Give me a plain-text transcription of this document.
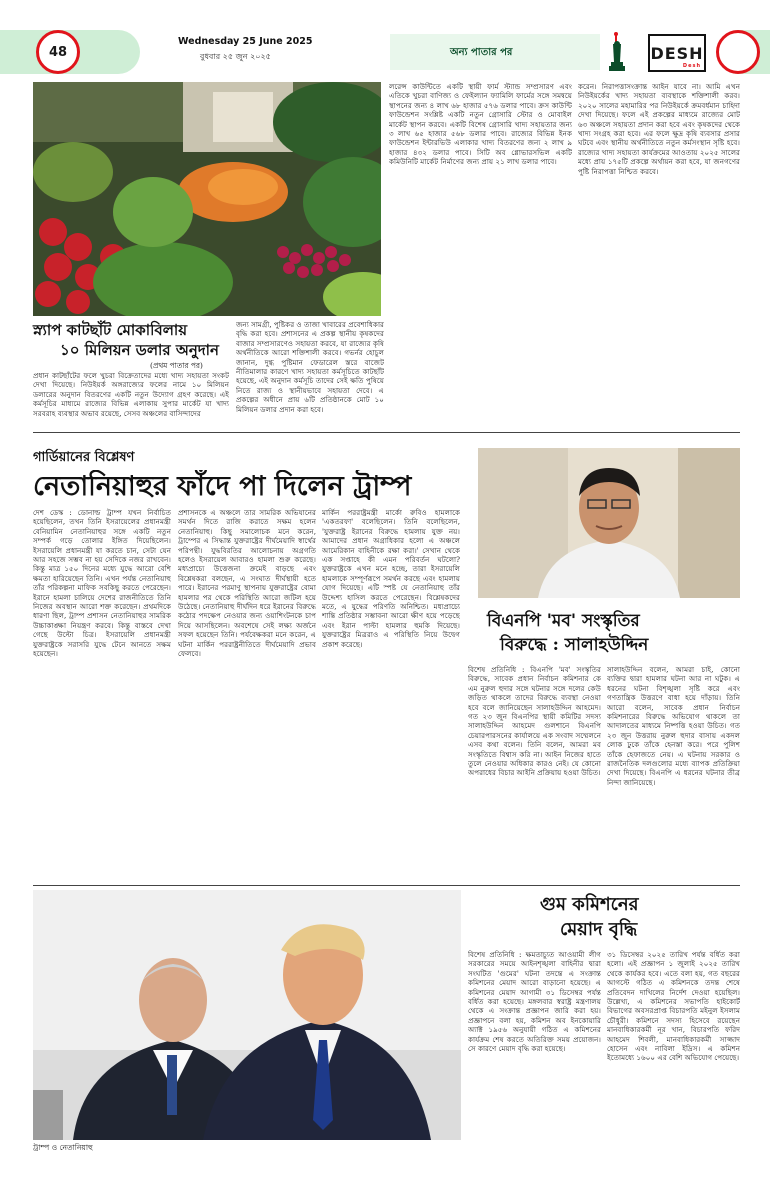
48
Wednesday 25 June 2025
বুধবার ২৫ জুন ২০২৫	অন্য পাতার পর	DESH
Desh
স্ন্যাপ কাটছাঁট মোকাবিলায়
১০ মিলিয়ন ডলার অনুদান
(প্রথম পাতার পর)
প্রধান কাটছাঁটের ফলে খুচরা বিক্রেতাদের মধ্যে খাদ্য সহায়তা সংকট দেখা দিয়েছে। নিউইয়র্ক অঙ্গরাজ্যের ফলের নামে ১০ মিলিয়ন ডলারের অনুদান বিতরণের একটি নতুন উদ্যোগ গ্রহণ করেছে। এই কর্মসূচির মাধ্যমে রাজ্যের বিভিন্ন এলাকায় সুপার মার্কেট যা খাদ্য সরবরাহ ব্যবস্থার অভাব রয়েছে, সেসব অঞ্চলের বাসিন্দাদের
জন্য সামগ্রী, পুষ্টিকর ও তাজা খাবারের প্রবেশাধিকার বৃদ্ধি করা হবে। প্রশাসনের এ প্রকল্প স্থানীয় কৃষকদের বাজার সম্প্রসারণেও সহায়তা করবে, যা রাজ্যের কৃষি অর্থনীতিকে আরো শক্তিশালী করবে। গভর্নর হোচুল জানান, দুগ্ধ পুষ্টিমান ফেডারেল স্তরে বাজেট নীতিমালার কারণে খাদ্য সহায়তা কর্মসূচিতে কাটছাঁট হয়েছে, এই অনুদান কর্মসূচি তাদের সেই ক্ষতি পুষিয়ে নিতে রাজ্য ও স্থানীয়ভাবে সহায়তা দেবে। এ প্রকল্পের অধীনে প্রায় ৬টি প্রতিষ্ঠানকে মোট ১০ মিলিয়ন ডলার প্রদান করা হবে।
লরেন্স কাউন্টিতে একটি স্থায়ী ফার্ম স্ট্যান্ড সম্প্রসারণ এবং এতিকে খুচরা বাণিজ্য ও ফেইল্যান ফ্যামিলি ফার্মের সঙ্গে সমন্বয়ে স্থাপনের জন্য ৪ লাখ ৬৮ হাজার ৫৭৬ ডলার পাবে। ক্রস কাউন্টি ফাউন্ডেশন সংশ্লিষ্ট একটি নতুন গ্রোসারি স্টোর ও মোবাইল মার্কেট স্থাপন করবে। একটি বিশেষ গ্রোসারি খাদ্য সহায়তার জন্য ৩ লাখ ৬৫ হাজার ৫৬৮ ডলার পাবে। রাজ্যের বিভিন্ন ইনক ফাউন্ডেশন ইন্টারভিউ এলাকার খাদ্য বিতরণের জন্য ২ লাখ ৯ হাজার ৪৩২ ডলার পাবে। সিটি অব গ্লোভারসভিল একটি কমিউনিটি মার্কেট নির্মাণের জন্য প্রায় ২১ লাখ ডলার পাবে।
করেন। নিরাপত্তাসংক্রান্ত আইন যাবে না। আমি এখন নিউইয়র্কের খাদ্য সহায়তা ব্যবস্থাকে শক্তিশালী করব। ২০২০ সালের মহামারির পর নিউইয়র্কে ক্রমবর্ধমান চাহিদা দেখা দিয়েছে। ফলে এই প্রকল্পের মাধ্যমে রাজ্যের মোট ৬৩ অঞ্চলে সহায়তা প্রদান করা হবে এবং কৃষকদের থেকে খাদ্য সংগ্রহ করা হবে। এর ফলে ক্ষুদ্র কৃষি ব্যবসার প্রসার ঘটবে এবং স্থানীয় অর্থনীতিতে নতুন কর্মসংস্থান সৃষ্টি হবে। রাজ্যের খাদ্য সহায়তা কার্যক্রমের আওতায় ২০২৫ সালের মধ্যে প্রায় ১৭৫টি প্রকল্পে অর্থায়ন করা হবে, যা জনগণের পুষ্টি নিরাপত্তা নিশ্চিত করবে।
গার্ডিয়ানের বিশ্লেষণ
নেতানিয়াহুর ফাঁদে পা দিলেন ট্রাম্প
দেশ ডেস্ক : ডোনাল্ড ট্রাম্প যখন নির্বাচিত হয়েছিলেন, তখন তিনি ইসরায়েলের প্রধানমন্ত্রী বেনিয়ামিন নেতানিয়াহুর সঙ্গে একটি নতুন সম্পর্ক গড়ে তোলার ইঙ্গিত দিয়েছিলেন। ইসরায়েলি প্রধানমন্ত্রী যা করতে চান, সেটা যেন আর সহজে সম্ভব না হয় সেদিকে নজর রাখবেন। কিন্তু মাত্র ১৫০ দিনের মধ্যে যুদ্ধে আরো বেশি ক্ষমতা হারিয়েছেন তিনি। এখন পর্যন্ত নেতানিয়াহু তাঁর পরিকল্পনা মাফিক সবকিছু করতে পেরেছেন। ইরানে হামলা চালিয়ে দেশের রাজনীতিতে তিনি নিজের অবস্থান আরো শক্ত করেছেন। প্রথমদিকে ধারণা ছিল, ট্রাম্প প্রশাসন নেতানিয়াহুর সামরিক উচ্চাকাঙ্ক্ষা নিয়ন্ত্রণ করবে। কিন্তু বাস্তবে দেখা গেছে উল্টো চিত্র। ইসরায়েলি প্রধানমন্ত্রী যুক্তরাষ্ট্রকে সরাসরি যুদ্ধে টেনে আনতে সক্ষম হয়েছেন।
প্রশাসনকে এ অঞ্চলে তার সামরিক অভিযানের সমর্থন দিতে রাজি করাতে সক্ষম হলেন নেতানিয়াহু। কিছু সমালোচক মনে করেন, ট্রাম্পের এ সিদ্ধান্ত যুক্তরাষ্ট্রের দীর্ঘমেয়াদি স্বার্থের পরিপন্থী। যুদ্ধবিরতির আলোচনায় অগ্রগতি হলেও ইসরায়েল আবারও হামলা শুরু করেছে। মধ্যপ্রাচ্যে উত্তেজনা ক্রমেই বাড়ছে এবং বিশ্লেষকরা বলছেন, এ সংঘাত দীর্ঘস্থায়ী হতে পারে। ইরানের পরমাণু স্থাপনায় যুক্তরাষ্ট্রের বোমা হামলার পর থেকে পরিস্থিতি আরো জটিল হয়ে উঠেছে। নেতানিয়াহু দীর্ঘদিন ধরে ইরানের বিরুদ্ধে কঠোর পদক্ষেপ নেওয়ার জন্য ওয়াশিংটনকে চাপ দিয়ে আসছিলেন। অবশেষে সেই লক্ষ্য অর্জনে সফল হয়েছেন তিনি। পর্যবেক্ষকরা মনে করেন, এ ঘটনা মার্কিন পররাষ্ট্রনীতিতে দীর্ঘমেয়াদি প্রভাব ফেলবে।
মার্কিন পররাষ্ট্রমন্ত্রী মার্কো রুবিও হামলাকে 'একতরফা' বলেছিলেন। তিনি বলেছিলেন, 'যুক্তরাষ্ট্র ইরানের বিরুদ্ধে হামলায় যুক্ত নয়। আমাদের প্রধান অগ্রাধিকার হলো এ অঞ্চলে আমেরিকান বাহিনীকে রক্ষা করা।' সেখান থেকে এক সপ্তাহে কী এমন পরিবর্তন ঘটলো? যুক্তরাষ্ট্রকে এখন মনে হচ্ছে, তারা ইসরায়েলি হামলাকে সম্পূর্ণরূপে সমর্থন করছে এবং হামলায় যোগ দিয়েছে। এটি স্পষ্ট যে নেতানিয়াহু তাঁর উদ্দেশ্য হাসিল করতে পেরেছেন। বিশ্লেষকদের মতে, এ যুদ্ধের পরিণতি অনিশ্চিত। মধ্যপ্রাচ্যে শান্তি প্রতিষ্ঠার সম্ভাবনা আরো ক্ষীণ হয়ে পড়েছে এবং ইরান পাল্টা হামলার হুমকি দিয়েছে। যুক্তরাষ্ট্রের মিত্ররাও এ পরিস্থিতি নিয়ে উদ্বেগ প্রকাশ করেছে।
বিএনপি 'মব' সংস্কৃতির
বিরুদ্ধে : সালাহউদ্দিন
বিশেষ প্রতিনিধি : বিএনপি 'মব' সংস্কৃতির বিরুদ্ধে, সাবেক প্রধান নির্বাচন কমিশনার কে এম নুরুল হুদার সঙ্গে ঘটনার সঙ্গে দলের কেউ জড়িত থাকলে তাদের বিরুদ্ধে ব্যবস্থা নেওয়া হবে বলে জানিয়েছেন সালাহউদ্দিন আহমেদ। গত ২৩ জুন বিএনপির স্থায়ী কমিটির সদস্য সালাহউদ্দিন আহমেদ গুলশানে বিএনপি চেয়ারপারসনের কার্যালয়ে এক সংবাদ সম্মেলনে এসব কথা বলেন। তিনি বলেন, আমরা মব সংস্কৃতিতে বিশ্বাস করি না। আইন নিজের হাতে তুলে নেওয়ার অধিকার কারও নেই। যে কোনো অপরাধের বিচার আইনি প্রক্রিয়ায় হওয়া উচিত।
সালাহউদ্দিন বলেন, আমরা চাই, কোনো ব্যক্তির দ্বারা হামলার ঘটনা আর না ঘটুক। এ ধরনের ঘটনা বিশৃঙ্খলা সৃষ্টি করে এবং গণতান্ত্রিক উত্তরণে বাধা হয়ে দাঁড়ায়। তিনি আরো বলেন, সাবেক প্রধান নির্বাচন কমিশনারের বিরুদ্ধে অভিযোগ থাকলে তা আদালতের মাধ্যমে নিষ্পত্তি হওয়া উচিত। গত ২৩ জুন উত্তরায় নুরুল হুদার বাসায় একদল লোক ঢুকে তাঁকে হেনস্তা করে। পরে পুলিশ তাঁকে হেফাজতে নেয়। এ ঘটনায় সরকার ও রাজনৈতিক দলগুলোর মধ্যে ব্যাপক প্রতিক্রিয়া দেখা দিয়েছে। বিএনপি এ ধরনের ঘটনার তীব্র নিন্দা জানিয়েছে।
ট্রাম্প ও নেতানিয়াহু
গুম কমিশনের
মেয়াদ বৃদ্ধি
বিশেষ প্রতিনিধি : ক্ষমতাচ্যুত আওয়ামী লীগ সরকারের সময়ে আইনশৃঙ্খলা বাহিনীর দ্বারা সংঘটিত 'গুমের' ঘটনা তদন্তে এ সংক্রান্ত কমিশনের মেয়াদ আরো বাড়ানো হয়েছে। এ কমিশনের মেয়াদ আগামী ৩১ ডিসেম্বর পর্যন্ত বর্ধিত করা হয়েছে। মঙ্গলবার স্বরাষ্ট্র মন্ত্রণালয় থেকে এ সংক্রান্ত প্রজ্ঞাপন জারি করা হয়। প্রজ্ঞাপনে বলা হয়, কমিশন অব ইনকোয়ারি অ্যাক্ট ১৯৫৬ অনুযায়ী গঠিত এ কমিশনের কার্যক্রম শেষ করতে অতিরিক্ত সময় প্রয়োজন। সে কারণে মেয়াদ বৃদ্ধি করা হয়েছে।
৩১ ডিসেম্বর ২০২৫ তারিখ পর্যন্ত বর্ধিত করা হলো। এই প্রজ্ঞাপন ১ জুলাই ২০২৫ তারিখ থেকে কার্যকর হবে। এতে বলা হয়, গত বছরের আগস্টে গঠিত এ কমিশনকে তদন্ত শেষে প্রতিবেদন দাখিলের নির্দেশ দেওয়া হয়েছিল। উল্লেখ্য, এ কমিশনের সভাপতি হাইকোর্ট বিভাগের অবসরপ্রাপ্ত বিচারপতি মইনুল ইসলাম চৌধুরী। কমিশনে সদস্য হিসেবে রয়েছেন মানবাধিকারকর্মী নূর খান, বিচারপতি ফরিদ আহমেদ শিবলী, মানবাধিকারকর্মী সাজ্জাদ হোসেন এবং নাবিলা ইদ্রিস। এ কমিশন ইতোমধ্যে ১৬০০ এর বেশি অভিযোগ পেয়েছে।
